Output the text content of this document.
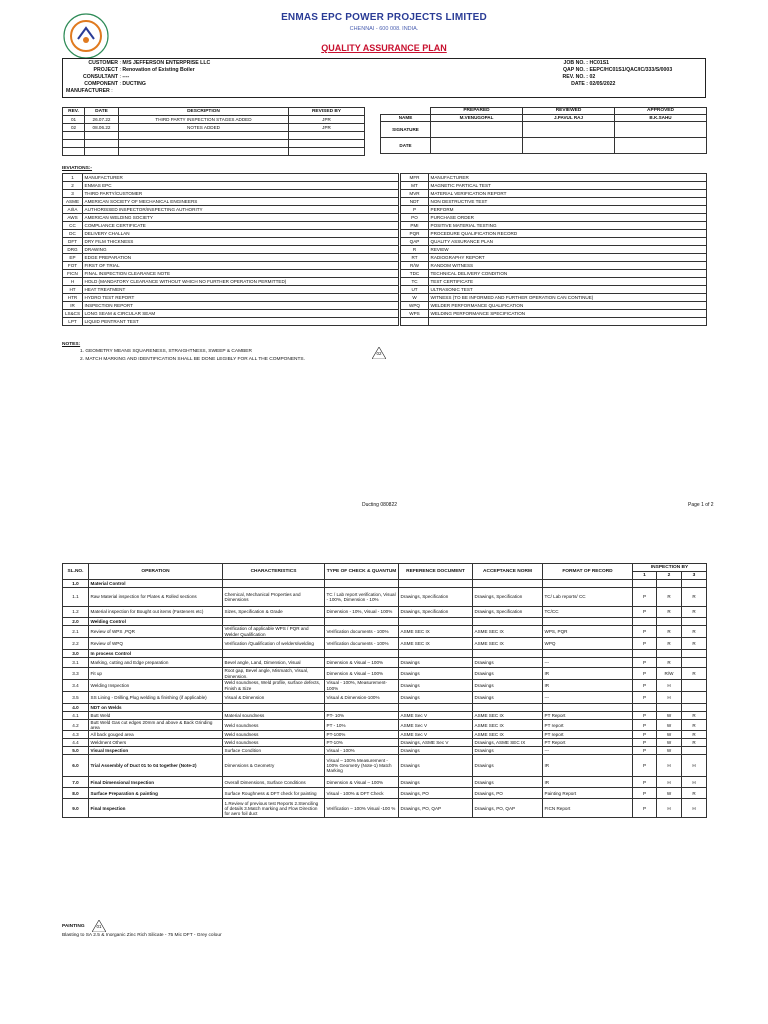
ENMAS EPC POWER PROJECTS LIMITED
CHENNAI - 600 008. INDIA.
QUALITY ASSURANCE PLAN
CUSTOMER : M/S JEFFERSON ENTERPRISE LLC
PROJECT : Renovation of Existing Boiler
CONSULTANT : ----
COMPONENT : DUCTING
MANUFACTURER :
JOB NO. : HC01S1
QAP NO. : EEPC/HC01S1/QAC/IC/333/S/0003
REV. NO. : 02
DATE : 02/05/2022
REV.	DATE	DESCRIPTION	REVISED BY
01	26.07.22	THIRD PARTY INSPECTION STAGES ADDED	JPR
02	08.06.22	NOTES ADDED	JPR

	PREPARED	REVIEWED	APPROVED
NAME	M.VENUGOPAL	J.PAVUL RAJ	B.K.SAHU
SIGNATURE			
DATE			
IEVIATIONS:-
1	MANUFACTURER
2	ENMAS EPC
3	THIRD PARTY/CUSTOMER
ASME	AMERICAN SOCIETY OF MECHANICAL ENGINEERS
AI/IA	AUTHORISSED INSPECTOR/INSPECTING AUTHORITY
AWS	AMERICAN WELDING SOCIETY
CC	COMPLIANCE CERTIFICATE
DC	DELIVERY CHALLAN
DFT	DRY FILM THICKNESS
DRG	DRAWING
EP	EDGE PREPARATION
FOT	FIRST OF TRIAL
FICN	FINAL INSPECTION CLEARANCE NOTE
H	HOLD (MANDATORY CLEARANCE WITHOUT WHICH NO FURTHER OPERATION PERMITTED)
HT	HEAT TREATMENT
HTR	HYDRO TEST REPORT
IR	INSPECTION REPORT
LS&CS	LONG SEAM & CIRCULAR SEAM
LPT	LIQUID PENTRANT TEST
MFR	MANUFACTURER
MT	MAGNETIC PARTICAL TEST
MVR	MATERIAL VERIFICATION REPORT
NDT	NON DESTRUCTIVE TEST
P	PERFORM
PO	PURCHASE ORDER
PMI	POSITIVE MATERIAL TESTING
PQR	PROCEDURE QUALIFICATION RECORD
QAP	QUALITY ASSURANCE PLAN
R	REVIEW
RT	RADIOGRAPHY REPORT
R/W	RANDOM WITNESS
TDC	TECHNICAL DELIVERY CONDITION
TC	TEST CERTIFICATE
UT	ULTRASONIC TEST
W	WITNESS (TO BE INFORMED AND FURTHER OPERATION CAN CONTINUE)
WPQ	WELDER PERFORMANCE QUALIFICATION
WPS	WELDING PERFORMANCE SPECIFICATION

NOTES:
1. GEOMETRY MEANS SQUARENESS, STRAIGHTNESS, SWEEP & CAMBER
2. MATCH MARKING AND IDENTIFICATION SHALL BE DONE LEGIBLY FOR ALL THE COMPONENTS.
02
Ducting 080822	Page 1 of 2
SL.NO.	OPERATION	CHARACTERISTICS	TYPE OF CHECK & QUANTUM	REFERENCE DOCUMENT	ACCEPTANCE NORM	FORMAT OF RECORD	INSPECTION BY		
							1	2	3
1.0	Material Control								
1.1	Raw Material inspection for Plates & Rolled sections	Chemical, Mechanical Properties and Dimensions	TC / Lab report verification, Visual - 100%, Dimension - 10%	Drawings, Specification	Drawings, Specification	TC/ Lab reports/ CC	P	R	R
1.2	Material inspection for Bought out items (Fasteners etc)	Sizes, Specification & Grade	Dimension - 10%, Visual - 100%	Drawings, Specification	Drawings, Specification	TC/CC	P	R	R
2.0	Welding Control								
2.1	Review of WPS ,PQR	Verification of applicable WPS / PQR and Welder Qualification	Verification documents - 100%	ASME SEC IX	ASME SEC IX	WPS, PQR	P	R	R
2.2	Review of WPQ	Verification /Qualification of welders/welding	Verification documents - 100%	ASME SEC IX	ASME SEC IX	WPQ	P	R	R
3.0	In process Control								
3.1	Marking, cutting and Edge preparation	Bevel angle, Land, Dimension, Visual	Dimension & Visual – 100%	Drawings	Drawings	---	P	R	
3.3	Fit up	Root gap, Bevel angle, Mismatch, Visual, Dimension.	Dimension & Visual – 100%	Drawings	Drawings	IR	P	R/W	R
3.4	Welding Inspection	Weld soundness, Weld profile, surface defects, Finish & Size	Visual - 100%, Measurement-100%	Drawings	Drawings	IR	P	H	
3.5	SS Lining - Drilling,Plug welding & finishing (if applicable)	Visual & Dimension	Visual & Dimension-100%	Drawings	Drawings	---	P	H	
4.0	NDT on Welds								
4.1	Butt Weld	Material soundness	PT- 10%	ASME Sec V	ASME SEC IX	PT Report	P	W	R
4.2	Butt Weld Gas cut edges 20mm and above & Back Grinding area	Weld soundness	PT - 10%	ASME Sec V	ASME SEC IX	PT report	P	W	R
4.3	All back gouged area	Weld soundness	PT-100%	ASME Sec V	ASME SEC IX	PT report	P	W	R
4.4	Weldment Others	Weld soundness	PT-10%	Drawings, ASME Sec V	Drawings, ASME SEC IX	PT Report	P	W	R
5.0	Visual Inspection	Surface Condition	Visual - 100%	Drawings	Drawings	---	P	W	
6.0	Trial Assembly of Duct 01 to 04 together (Note-2)	Dimensions & Geometry	Visual – 100% Measurement - 100% Geometry (Note-1) Match Marking	Drawings	Drawings	IR	P	H	H
7.0	Final Dimensional Inspection	Overall Dimensions, Surface Conditions	Dimension & Visual – 100%	Drawings	Drawings	IR	P	H	H
8.0	Surface Preparation & painting	Surface Roughness & DFT check for painting	Visual - 100% & DFT Check	Drawings, PO	Drawings, PO	Painting Report	P	W	R
9.0	Final Inspection	1.Review of previous test Reports 2.Stenciling of details 3.Match marking and Flow Direction for aero foil duct	Verification – 100% Visual -100 %	Drawings, PO, QAP	Drawings, PO, QAP	FICN Report	P	H	H
PAINTING	01
Blasting to SA 2.5 & Inorganic Zinc Rich Silicate - 75 Mic DFT - Grey colour
